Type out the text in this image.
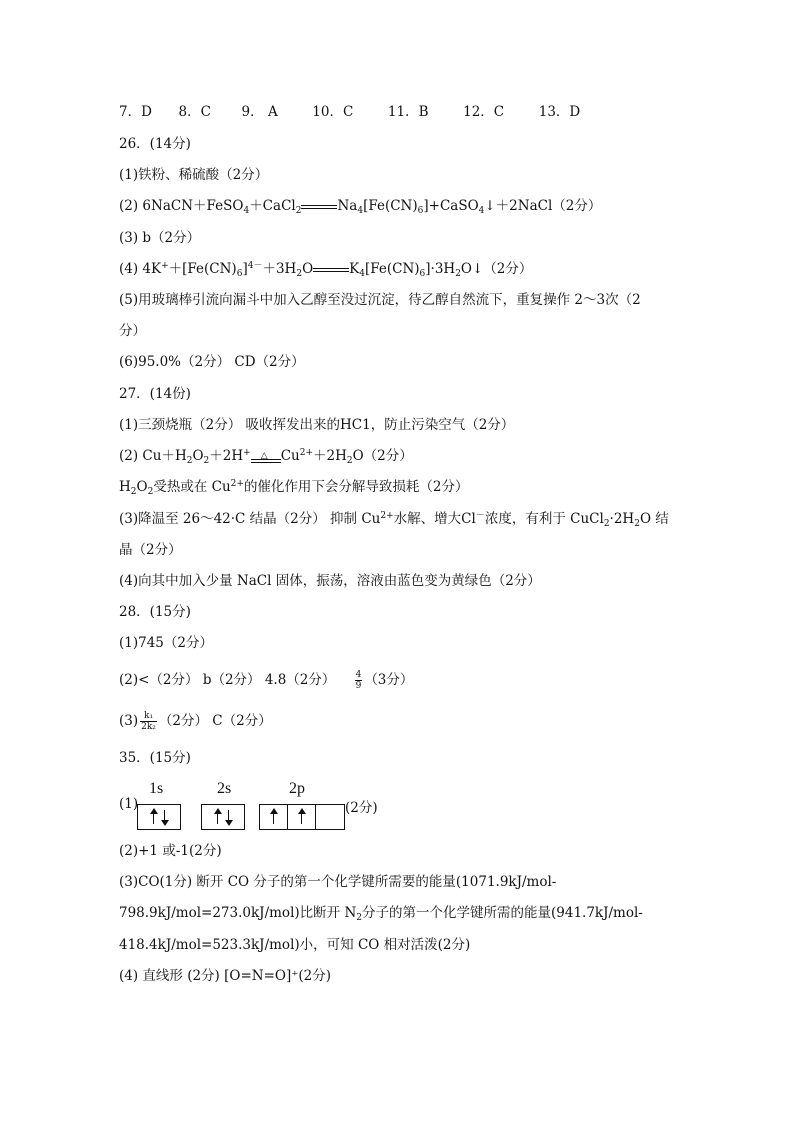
7．D 8．C 9． A	10．C	11．B	12．C	13．D
26．(14分)
(1)铁粉、稀硫酸（2分）
(2) 6NaCN＋FeSO$_4$＋CaCl$_2$	$Na_4[Fe(CN)_6]+CaSO_4↓+2NaCl(2$分）
(3) b（2分）
(4) $4K^++[Fe(CN)_6]^{4-}+3H_2O$	$K_4[Fe(CN)_6]\cdot 3H_2O↓(2$分）
(5)用玻璃棒引流向漏斗中加入乙醇至没过沉淀，待乙醇自然流下，重复操作 2～3次（2
分）
(6)95.0%（2分） CD（2分）
27．(14份)
(1)三颈烧瓶（2分） 吸收挥发出来的HC1，防止污染空气（2分）
(2) $Cu+H_2O_2+2H^+$ △ $Cu^{2+}+2H_2O(2$分）
$H_2O_2$受热或在 $Cu^{2+}$的催化作用下会分解导致损耗（2分）
(3)降温至 26～42·C 结晶（2分） 抑制 $Cu^{2+}$水解、增大Cl－浓度，有利于 $CuCl_2\cdot 2H_2O$ 结
晶（2分）
(4)向其中加入少量 NaCl 固体，振荡，溶液由蓝色变为黄绿色（2分）
28．(15分)
(1)745（2分）
(2)<（2分） b（2分） 4.8（2分） $\frac{4}{9} (3$分）
$(3) \frac{\text{k₁}}{\text{2k₂}} (2$分） C（2分）
35．(15分)
(1)
1s	2s	2p
(2分)
(2)+1 或-1(2分)
(3)CO(1分) 断开 CO 分子的第一个化学键所需要的能量(1071.9kJ/mol-
798.9kJ/mol=273.0kJ/mol)比断开 $N_2$分子的第一个化学键所需的能量(941.7kJ/mol-
418.4kJ/mol=523.3kJ/mol)小，可知 CO 相对活泼(2分)
(4) 直线形 (2分) [O=N=O]⁺(2分)
